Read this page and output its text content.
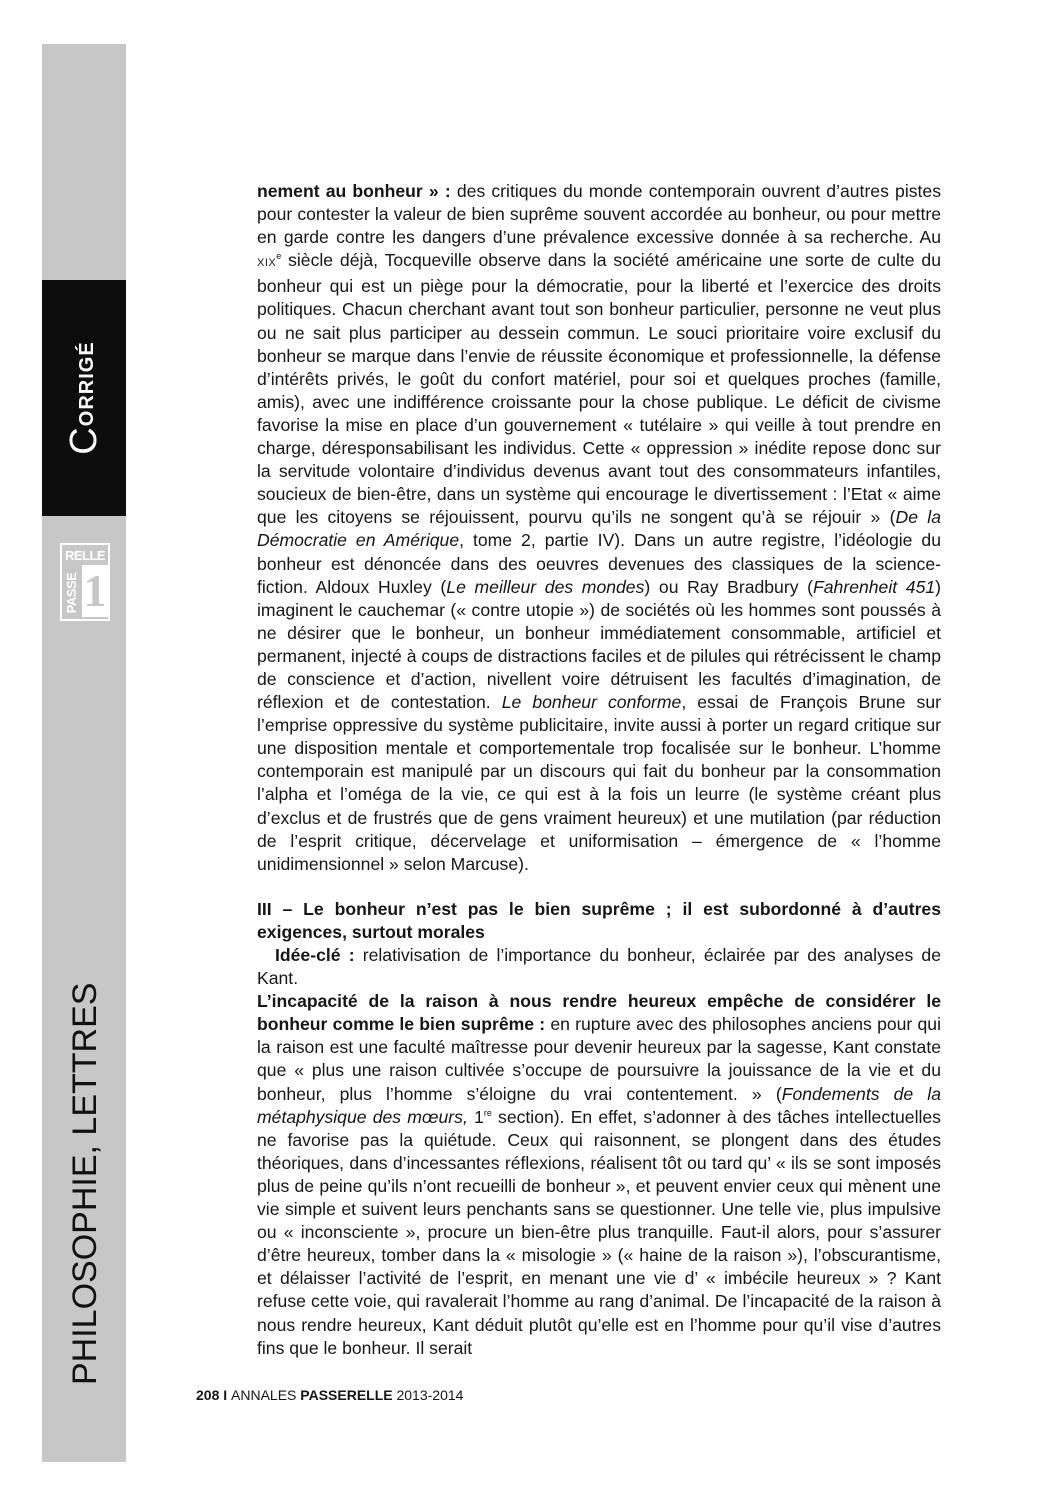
C
orrigé
RELLE
PASSE 1
PHILOSOPHIE, LETTRES

nement au bonheur » : des critiques du monde contemporain ouvrent d’autres pistes pour contester la valeur de bien suprême souvent accordée au bonheur, ou pour mettre en garde contre les dangers d’une prévalence excessive donnée à sa recherche. Au XIXe siècle déjà, Tocqueville observe dans la société américaine une sorte de culte du bonheur qui est un piège pour la démocratie, pour la liberté et l’exercice des droits politiques. Chacun cherchant avant tout son bonheur particulier, personne ne veut plus ou ne sait plus participer au dessein commun. Le souci prioritaire voire exclusif du bonheur se marque dans l’envie de réussite économique et professionnelle, la défense d’intérêts privés, le goût du confort matériel, pour soi et quelques proches (famille, amis), avec une indifférence croissante pour la chose publique. Le déficit de civisme favorise la mise en place d’un gouvernement « tutélaire » qui veille à tout prendre en charge, déresponsabilisant les individus. Cette « oppression » inédite repose donc sur la servitude volontaire d’individus devenus avant tout des consommateurs infantiles, soucieux de bien-être, dans un système qui encourage le divertissement : l’Etat « aime que les citoyens se réjouissent, pourvu qu’ils ne songent qu’à se réjouir » (De la Démocratie en Amérique, tome 2, partie IV). Dans un autre registre, l’idéologie du bonheur est dénoncée dans des oeuvres devenues des classiques de la science-fiction. Aldoux Huxley (Le meilleur des mondes) ou Ray Bradbury (Fahrenheit 451) imaginent le cauchemar (« contre utopie ») de sociétés où les hommes sont poussés à ne désirer que le bonheur, un bonheur immédiatement consommable, artificiel et permanent, injecté à coups de distractions faciles et de pilules qui rétrécissent le champ de conscience et d’action, nivellent voire détruisent les facultés d’imagination, de réflexion et de contestation. Le bonheur conforme, essai de François Brune sur l’emprise oppressive du système publicitaire, invite aussi à porter un regard critique sur une disposition mentale et comportementale trop focalisée sur le bonheur. L’homme contemporain est manipulé par un discours qui fait du bonheur par la consommation l’alpha et l’oméga de la vie, ce qui est à la fois un leurre (le système créant plus d’exclus et de frustrés que de gens vraiment heureux) et une mutilation (par réduction de l’esprit critique, décervelage et uniformisation – émergence de « l’homme unidimensionnel » selon Marcuse).

III – Le bonheur n’est pas le bien suprême ; il est subordonné à d’autres exigences, surtout morales

Idée-clé : relativisation de l’importance du bonheur, éclairée par des analyses de Kant.

L’incapacité de la raison à nous rendre heureux empêche de considérer le bonheur comme le bien suprême : en rupture avec des philosophes anciens pour qui la raison est une faculté maîtresse pour devenir heureux par la sagesse, Kant constate que « plus une raison cultivée s’occupe de poursuivre la jouissance de la vie et du bonheur, plus l’homme s’éloigne du vrai contentement. » (Fondements de la métaphysique des mœurs, 1re section). En effet, s’adonner à des tâches intellectuelles ne favorise pas la quiétude. Ceux qui raisonnent, se plongent dans des études théoriques, dans d’incessantes réflexions, réalisent tôt ou tard qu’ « ils se sont imposés plus de peine qu’ils n’ont recueilli de bonheur », et peuvent envier ceux qui mènent une vie simple et suivent leurs penchants sans se questionner. Une telle vie, plus impulsive ou « inconsciente », procure un bien-être plus tranquille. Faut-il alors, pour s’assurer d’être heureux, tomber dans la « misologie » (« haine de la raison »), l’obscurantisme, et délaisser l’activité de l’esprit, en menant une vie d’ « imbécile heureux » ? Kant refuse cette voie, qui ravalerait l’homme au rang d’animal. De l’incapacité de la raison à nous rendre heureux, Kant déduit plutôt qu’elle est en l’homme pour qu’il vise d’autres fins que le bonheur. Il serait

208 I ANNALES PASSERELLE 2013-2014
